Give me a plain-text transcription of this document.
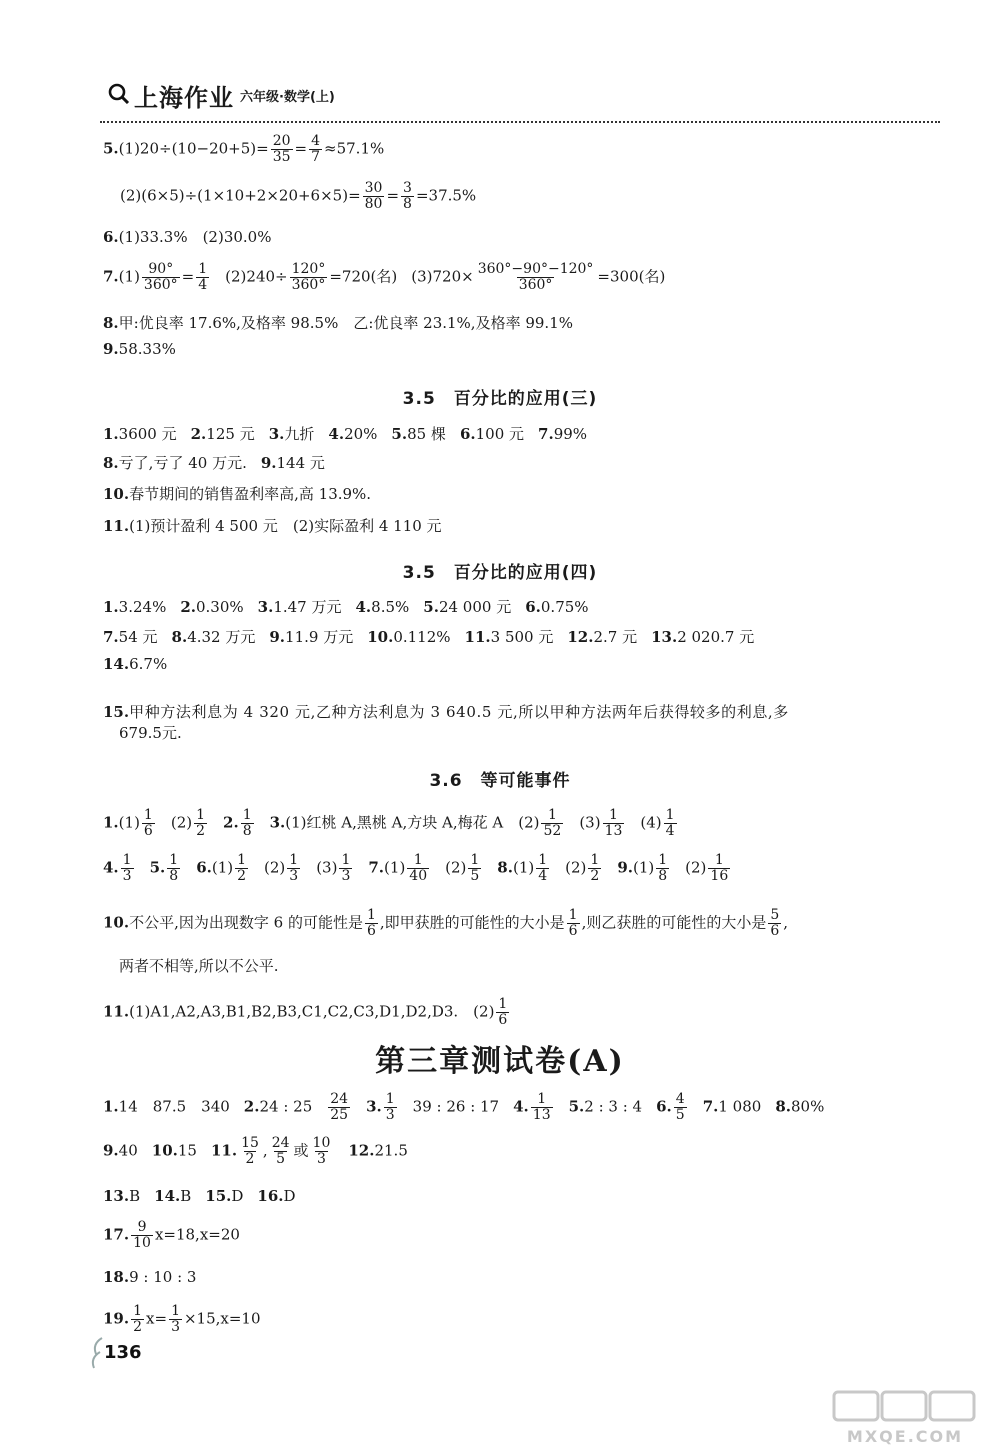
上海作业 六年级·数学(上)
$5.(1)20\div(10-20+5)= \frac{20}{35} = \frac{4}{7} \approx 57.1\%$
$(2)(6\times 5)\div(1\times 10+2\times 20+6\times 5)= \frac{30}{80} = \frac{3}{8} =37.5\%$
6.(1)33.3%　(2)30.0%
$7.(1) \frac{90^\circ}{360^\circ} = \frac{1}{4} (2)240\div \frac{120^\circ}{360^\circ} =720$(名) $(3)720\times \frac{360^\circ-90^\circ-120^\circ}{360^\circ} =300$(名)
8.甲:优良率 17.6%,及格率 98.5%　乙:优良率 23.1%,及格率 99.1%
9.58.33%
3.5　百分比的应用(三)
1.3600 元 2.125 元 3.九折 4.20% 5.85 棵 6.100 元 7.99%
8.亏了,亏了 40 万元. 9.144 元
10.春节期间的销售盈利率高,高 13.9%.
11.(1)预计盈利 4 500 元　(2)实际盈利 4 110 元
3.5　百分比的应用(四)
1.3.24% 2.0.30% 3.1.47 万元 4.8.5% 5.24 000 元 6.0.75%
7.54 元 8.4.32 万元 9.11.9 万元 10.0.112% 11.3 500 元 12.2.7 元 13.2 020.7 元
14.6.7%
15.甲种方法利息为 4 320 元,乙种方法利息为 3 640.5 元,所以甲种方法两年后获得较多的利息,多
679.5元.
3.6　等可能事件
$1.(1) \frac{1}{6} (2) \frac{1}{2} 2$. $\frac{1}{8} 3.(1)$红桃 A,黑桃 A,方块 A,梅花 A　$(2) \frac{1}{52} (3) \frac{1}{13} (4) \frac{1}{4}$
4. $\frac{1}{3} 5$. $\frac{1}{8} 6.(1) \frac{1}{2} (2) \frac{1}{3} (3) \frac{1}{3} 7.(1) \frac{1}{40} (2) \frac{1}{5} 8.(1) \frac{1}{4} (2) \frac{1}{2} 9.(1) \frac{1}{8} (2) \frac{1}{16}$
10.不公平,因为出现数字 6 的可能性是 $\frac{1}{6}$ ,即甲获胜的可能性的大小是 $\frac{1}{6}$ ,则乙获胜的可能性的大小是 $\frac{5}{6}$ ,
两者不相等,所以不公平.
11.(1)A1,A2,A3,B1,B2,B3,C1,C2,C3,D1,D2,D3.　$(2) \frac{1}{6}$
第三章测试卷(A)
1.14　87.5　340 2.24 : $25 \frac{24}{25} 3$. $\frac{1}{3} 39$ : 26 : 17 4. $\frac{1}{13} 5.2$ : 3 : 4 6. $\frac{4}{5} 7.1$ 080 8.80%
9.40 10.15 11. $\frac{15}{2}$ , $\frac{24}{5}$ 或 $\frac{10}{3} 12.21.5$
13.B 14.B 15.D 16.D
17. $\frac{9}{10} x=18,x=20$
18.9 : 10 : 3
19. $\frac{1}{2} x= \frac{1}{3} \times 15,x=10$
136
MXQE.COM
